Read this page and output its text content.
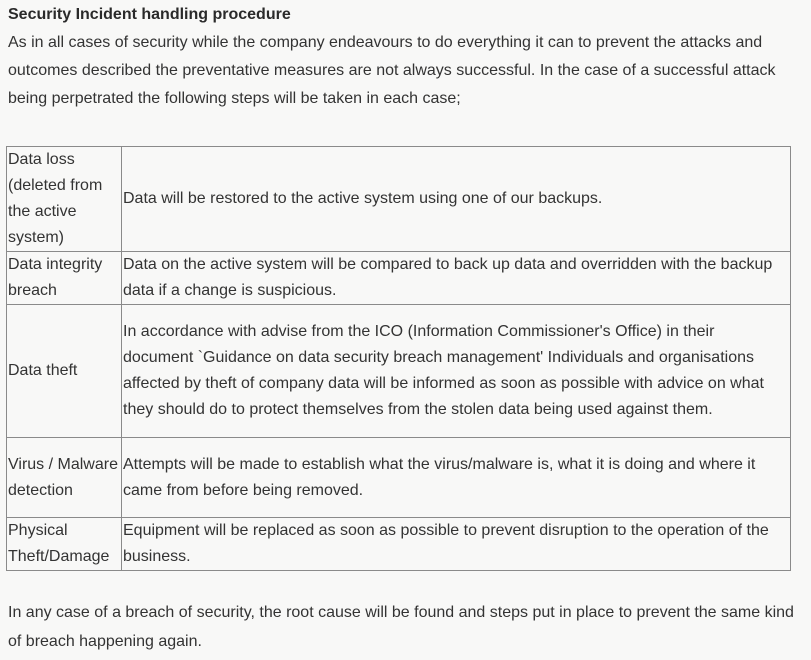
Security Incident handling procedure

As in all cases of security while the company endeavours to do everything it can to prevent the attacks and outcomes described the preventative measures are not always successful. In the case of a successful attack being perpetrated the following steps will be taken in each case;

Data loss (deleted from the active system)	Data will be restored to the active system using one of our backups.
Data integrity breach	Data on the active system will be compared to back up data and overridden with the backup data if a change is suspicious.
Data theft	In accordance with advise from the ICO (Information Commissioner's Office) in their document `Guidance on data security breach management' Individuals and organisations affected by theft of company data will be informed as soon as possible with advice on what they should do to protect themselves from the stolen data being used against them.
Virus / Malware detection	Attempts will be made to establish what the virus/malware is, what it is doing and where it came from before being removed.
Physical Theft/Damage	Equipment will be replaced as soon as possible to prevent disruption to the operation of the business.

In any case of a breach of security, the root cause will be found and steps put in place to prevent the same kind of breach happening again.
